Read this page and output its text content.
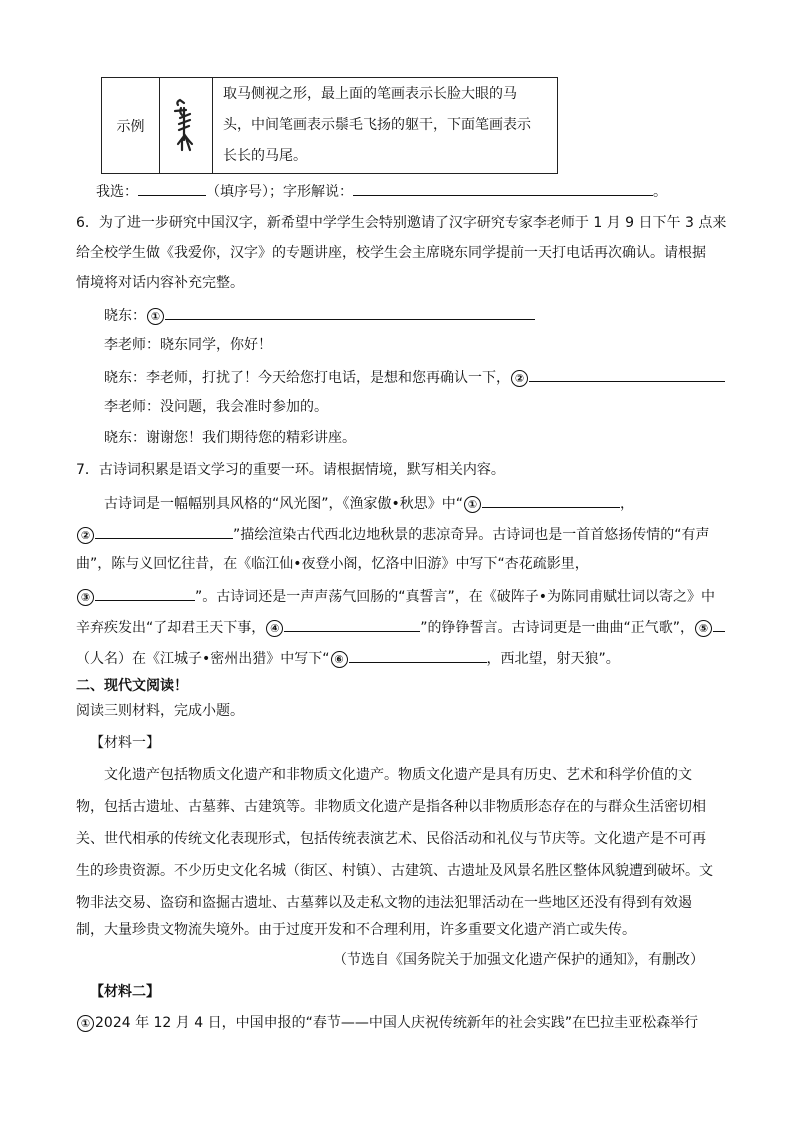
示例	

取马侧视之形，最上面的笔画表示长脸大眼的马
头，中间笔画表示鬃毛飞扬的躯干，下面笔画表示
长长的马尾。
我选：	（填序号）；字形解说：	。
6．为了进一步研究中国汉字，新希望中学学生会特别邀请了汉字研究专家李老师于 1 月 9 日下午 3 点来
给全校学生做《我爱你，汉字》的专题讲座，校学生会主席晓东同学提前一天打电话再次确认。请根据
情境将对话内容补充完整。
晓东： ①
李老师：晓东同学，你好！
晓东：李老师，打扰了！今天给您打电话，是想和您再确认一下， ②
李老师：没问题，我会准时参加的。
晓东：谢谢您！我们期待您的精彩讲座。
7．古诗词积累是语文学习的重要一环。请根据情境，默写相关内容。
古诗词是一幅幅别具风格的“风光图”，《渔家傲•秋思》中“ ①	，
②	”描绘渲染古代西北边地秋景的悲凉奇异。古诗词也是一首首悠扬传情的“有声
曲”，陈与义回忆往昔，在《临江仙•夜登小阁，忆洛中旧游》中写下“杏花疏影里，
③	”。古诗词还是一声声荡气回肠的“真誓言”，在《破阵子•为陈同甫赋壮词以寄之》中
辛弃疾发出“了却君王天下事， ④	”的铮铮誓言。古诗词更是一曲曲“正气歌”， ⑤
（人名）在《江城子•密州出猎》中写下“ ⑥	，西北望，射天狼”。
二、现代文阅读！
阅读三则材料，完成小题。
【材料一】
文化遗产包括物质文化遗产和非物质文化遗产。物质文化遗产是具有历史、艺术和科学价值的文
物，包括古遗址、古墓葬、古建筑等。非物质文化遗产是指各种以非物质形态存在的与群众生活密切相
关、世代相承的传统文化表现形式，包括传统表演艺术、民俗活动和礼仪与节庆等。文化遗产是不可再
生的珍贵资源。不少历史文化名城（街区、村镇）、古建筑、古遗址及风景名胜区整体风貌遭到破坏。文
物非法交易、盗窃和盗掘古遗址、古墓葬以及走私文物的违法犯罪活动在一些地区还没有得到有效遏
制，大量珍贵文物流失境外。由于过度开发和不合理利用，许多重要文化遗产消亡或失传。
（节选自《国务院关于加强文化遗产保护的通知》，有删改）
【材料二】
① 2024 年 12 月 4 日，中国申报的“春节——中国人庆祝传统新年的社会实践”在巴拉圭亚松森举行
